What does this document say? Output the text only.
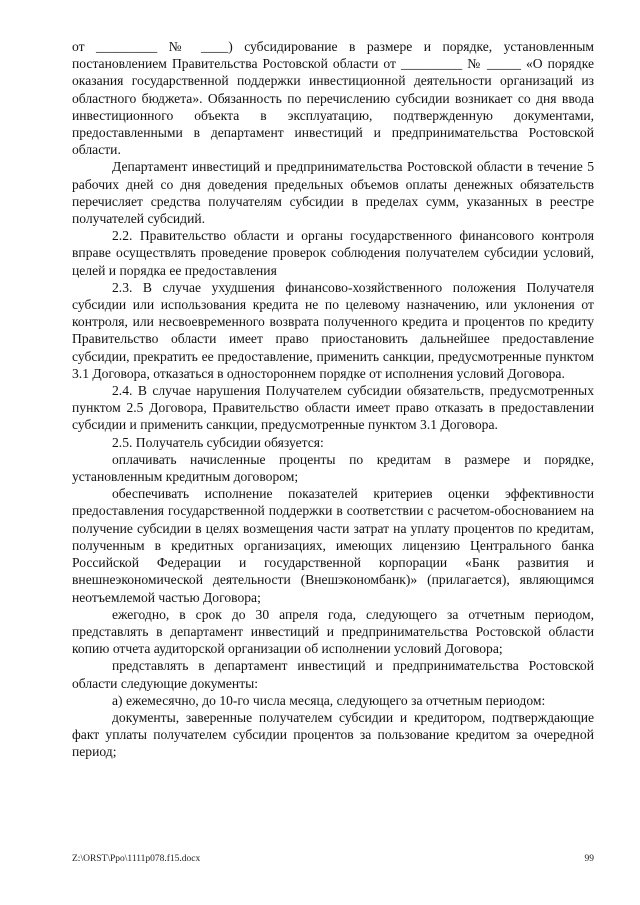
от _________ № ____) субсидирование в размере и порядке, установленным постановлением Правительства Ростовской области от _________ № _____ «О порядке оказания государственной поддержки инвестиционной деятельности организаций из областного бюджета». Обязанность по перечислению субсидии возникает со дня ввода инвестиционного объекта в эксплуатацию, подтвержденную документами, предоставленными в департамент инвестиций и предпринимательства Ростовской области.

Департамент инвестиций и предпринимательства Ростовской области в течение 5 рабочих дней со дня доведения предельных объемов оплаты денежных обязательств перечисляет средства получателям субсидии в пределах сумм, указанных в реестре получателей субсидий.

2.2. Правительство области и органы государственного финансового контроля вправе осуществлять проведение проверок соблюдения получателем субсидии условий, целей и порядка ее предоставления

2.3. В случае ухудшения финансово-хозяйственного положения Получателя субсидии или использования кредита не по целевому назначению, или уклонения от контроля, или несвоевременного возврата полученного кредита и процентов по кредиту Правительство области имеет право приостановить дальнейшее предоставление субсидии, прекратить ее предоставление, применить санкции, предусмотренные пунктом 3.1 Договора, отказаться в одностороннем порядке от исполнения условий Договора.

2.4. В случае нарушения Получателем субсидии обязательств, предусмотренных пунктом 2.5 Договора, Правительство области имеет право отказать в предоставлении субсидии и применить санкции, предусмотренные пунктом 3.1 Договора.

2.5. Получатель субсидии обязуется:

оплачивать начисленные проценты по кредитам в размере и порядке, установленным кредитным договором;

обеспечивать исполнение показателей критериев оценки эффективности предоставления государственной поддержки в соответствии с расчетом-обоснованием на получение субсидии в целях возмещения части затрат на уплату процентов по кредитам, полученным в кредитных организациях, имеющих лицензию Центрального банка Российской Федерации и государственной корпорации «Банк развития и внешнеэкономической деятельности (Внешэкономбанк)» (прилагается), являющимся неотъемлемой частью Договора;

ежегодно, в срок до 30 апреля года, следующего за отчетным периодом, представлять в департамент инвестиций и предпринимательства Ростовской области копию отчета аудиторской организации об исполнении условий Договора;

представлять в департамент инвестиций и предпринимательства Ростовской области следующие документы:

а) ежемесячно, до 10-го числа месяца, следующего за отчетным периодом:

документы, заверенные получателем субсидии и кредитором, подтверждающие факт уплаты получателем субсидии процентов за пользование кредитом за очередной период;

Z:\ORST\Ppo\1111p078.f15.docx	99
